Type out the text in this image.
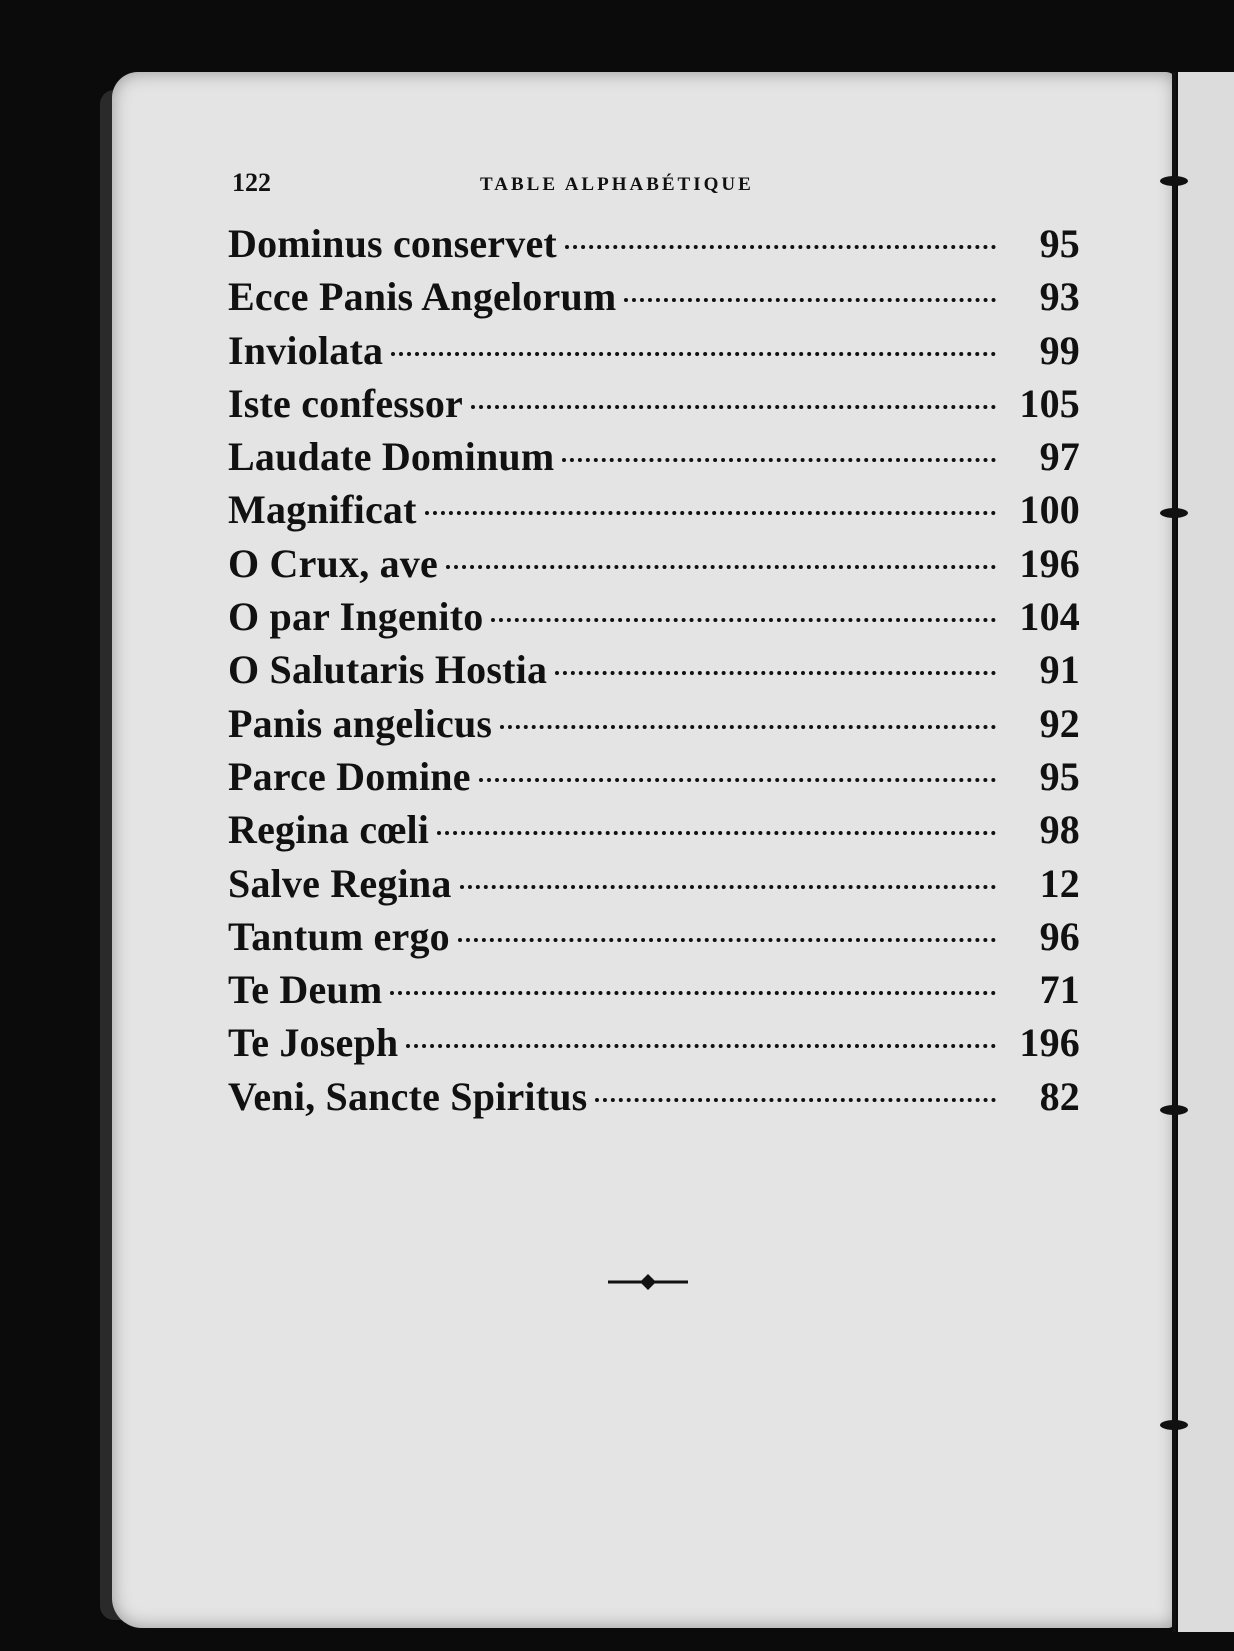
122	TABLE ALPHABÉTIQUE
Dominus conservet	95
Ecce Panis Angelorum	93
Inviolata	99
Iste confessor	105
Laudate Dominum	97
Magnificat	100
O Crux, ave	196
O par Ingenito	104
O Salutaris Hostia	91
Panis angelicus	92
Parce Domine	95
Regina cœli	98
Salve Regina	12
Tantum ergo	96
Te Deum	71
Te Joseph	196
Veni, Sancte Spiritus	82
